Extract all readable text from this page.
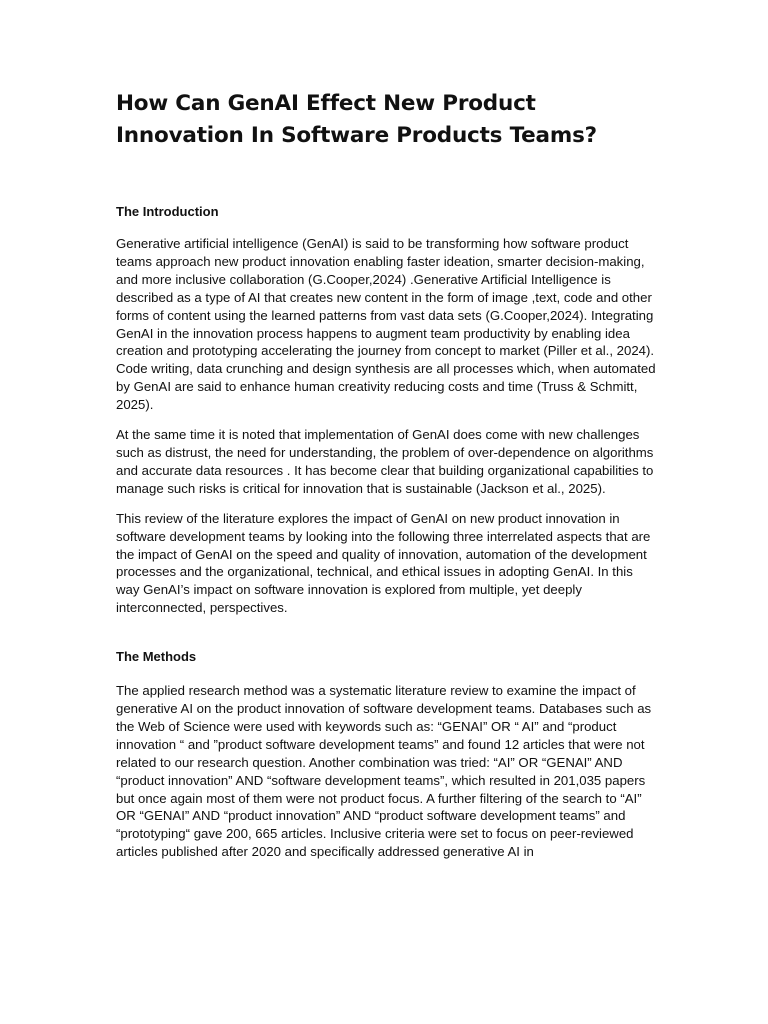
How Can GenAI Effect New Product Innovation In Software Products Teams?
The Introduction

Generative artificial intelligence (GenAI) is said to be transforming how software product teams approach new product innovation enabling faster ideation, smarter decision-making, and more inclusive collaboration (G.Cooper,2024) .Generative Artificial Intelligence is described as a type of AI that creates new content in the form of image ,text, code and other forms of content using the learned patterns from vast data sets (G.Cooper,2024). Integrating GenAI in the innovation process happens to augment team productivity by enabling idea creation and prototyping accelerating the journey from concept to market (Piller et al., 2024). Code writing, data crunching and design synthesis are all processes which, when automated by GenAI are said to enhance human creativity reducing costs and time (Truss & Schmitt, 2025).

At the same time it is noted that implementation of GenAI does come with new challenges such as distrust, the need for understanding, the problem of over-dependence on algorithms and accurate data resources . It has become clear that building organizational capabilities to manage such risks is critical for innovation that is sustainable (Jackson et al., 2025).

This review of the literature explores the impact of GenAI on new product innovation in software development teams by looking into the following three interrelated aspects that are the impact of GenAI on the speed and quality of innovation, automation of the development processes and the organizational, technical, and ethical issues in adopting GenAI. In this way GenAI’s impact on software innovation is explored from multiple, yet deeply interconnected, perspectives.

The Methods

The applied research method was a systematic literature review to examine the impact of generative AI on the product innovation of software development teams. Databases such as the Web of Science were used with keywords such as: “GENAI” OR “ AI” and “product innovation “ and ”product software development teams” and found 12 articles that were not related to our research question. Another combination was tried: “AI” OR “GENAI” AND “product innovation” AND “software development teams”, which resulted in 201,035 papers but once again most of them were not product focus. A further filtering of the search to “AI” OR “GENAI” AND “product innovation” AND “product software development teams” and “prototyping“ gave 200, 665 articles. Inclusive criteria were set to focus on peer-reviewed articles published after 2020 and specifically addressed generative AI in
